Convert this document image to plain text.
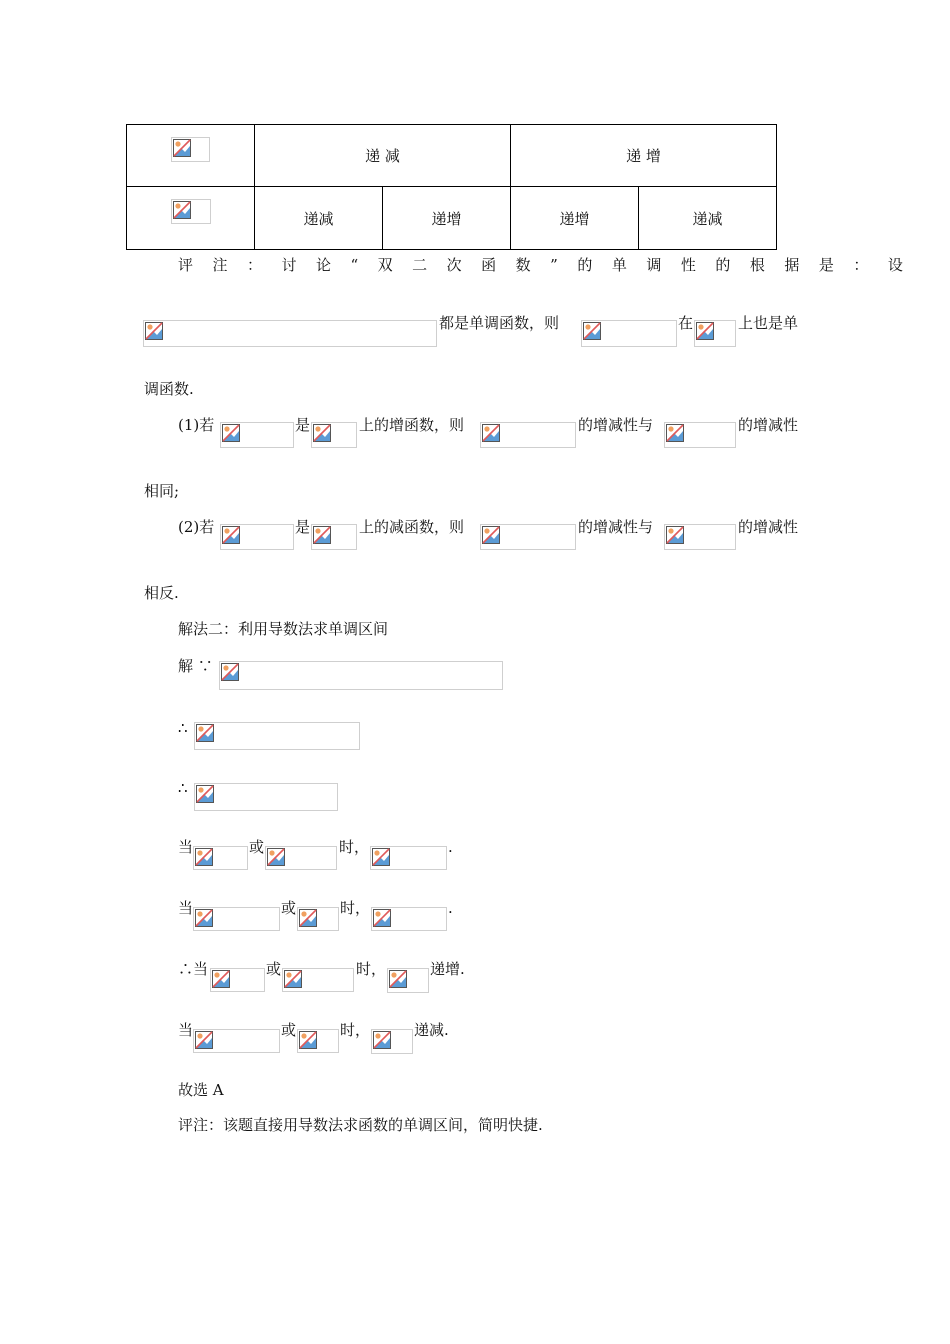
	递 减		递 增	

	递减	递增	递增	递减
评注：讨论“双二次函数”的单调性的根据是：设
都是单调函数，则	在	上也是单
调函数.
(1)若	是	上的增函数，则	的增减性与	的增减性
相同;
(2)若	是	上的减函数，则	的增减性与	的增减性
相反.
解法二：利用导数法求单调区间
解 ∵
∴
∴
当	或	时，	.
当	或	时，	.
∴当	或	时，	递增.
当	或	时，	递减.
故选 A
评注：该题直接用导数法求函数的单调区间，简明快捷.
